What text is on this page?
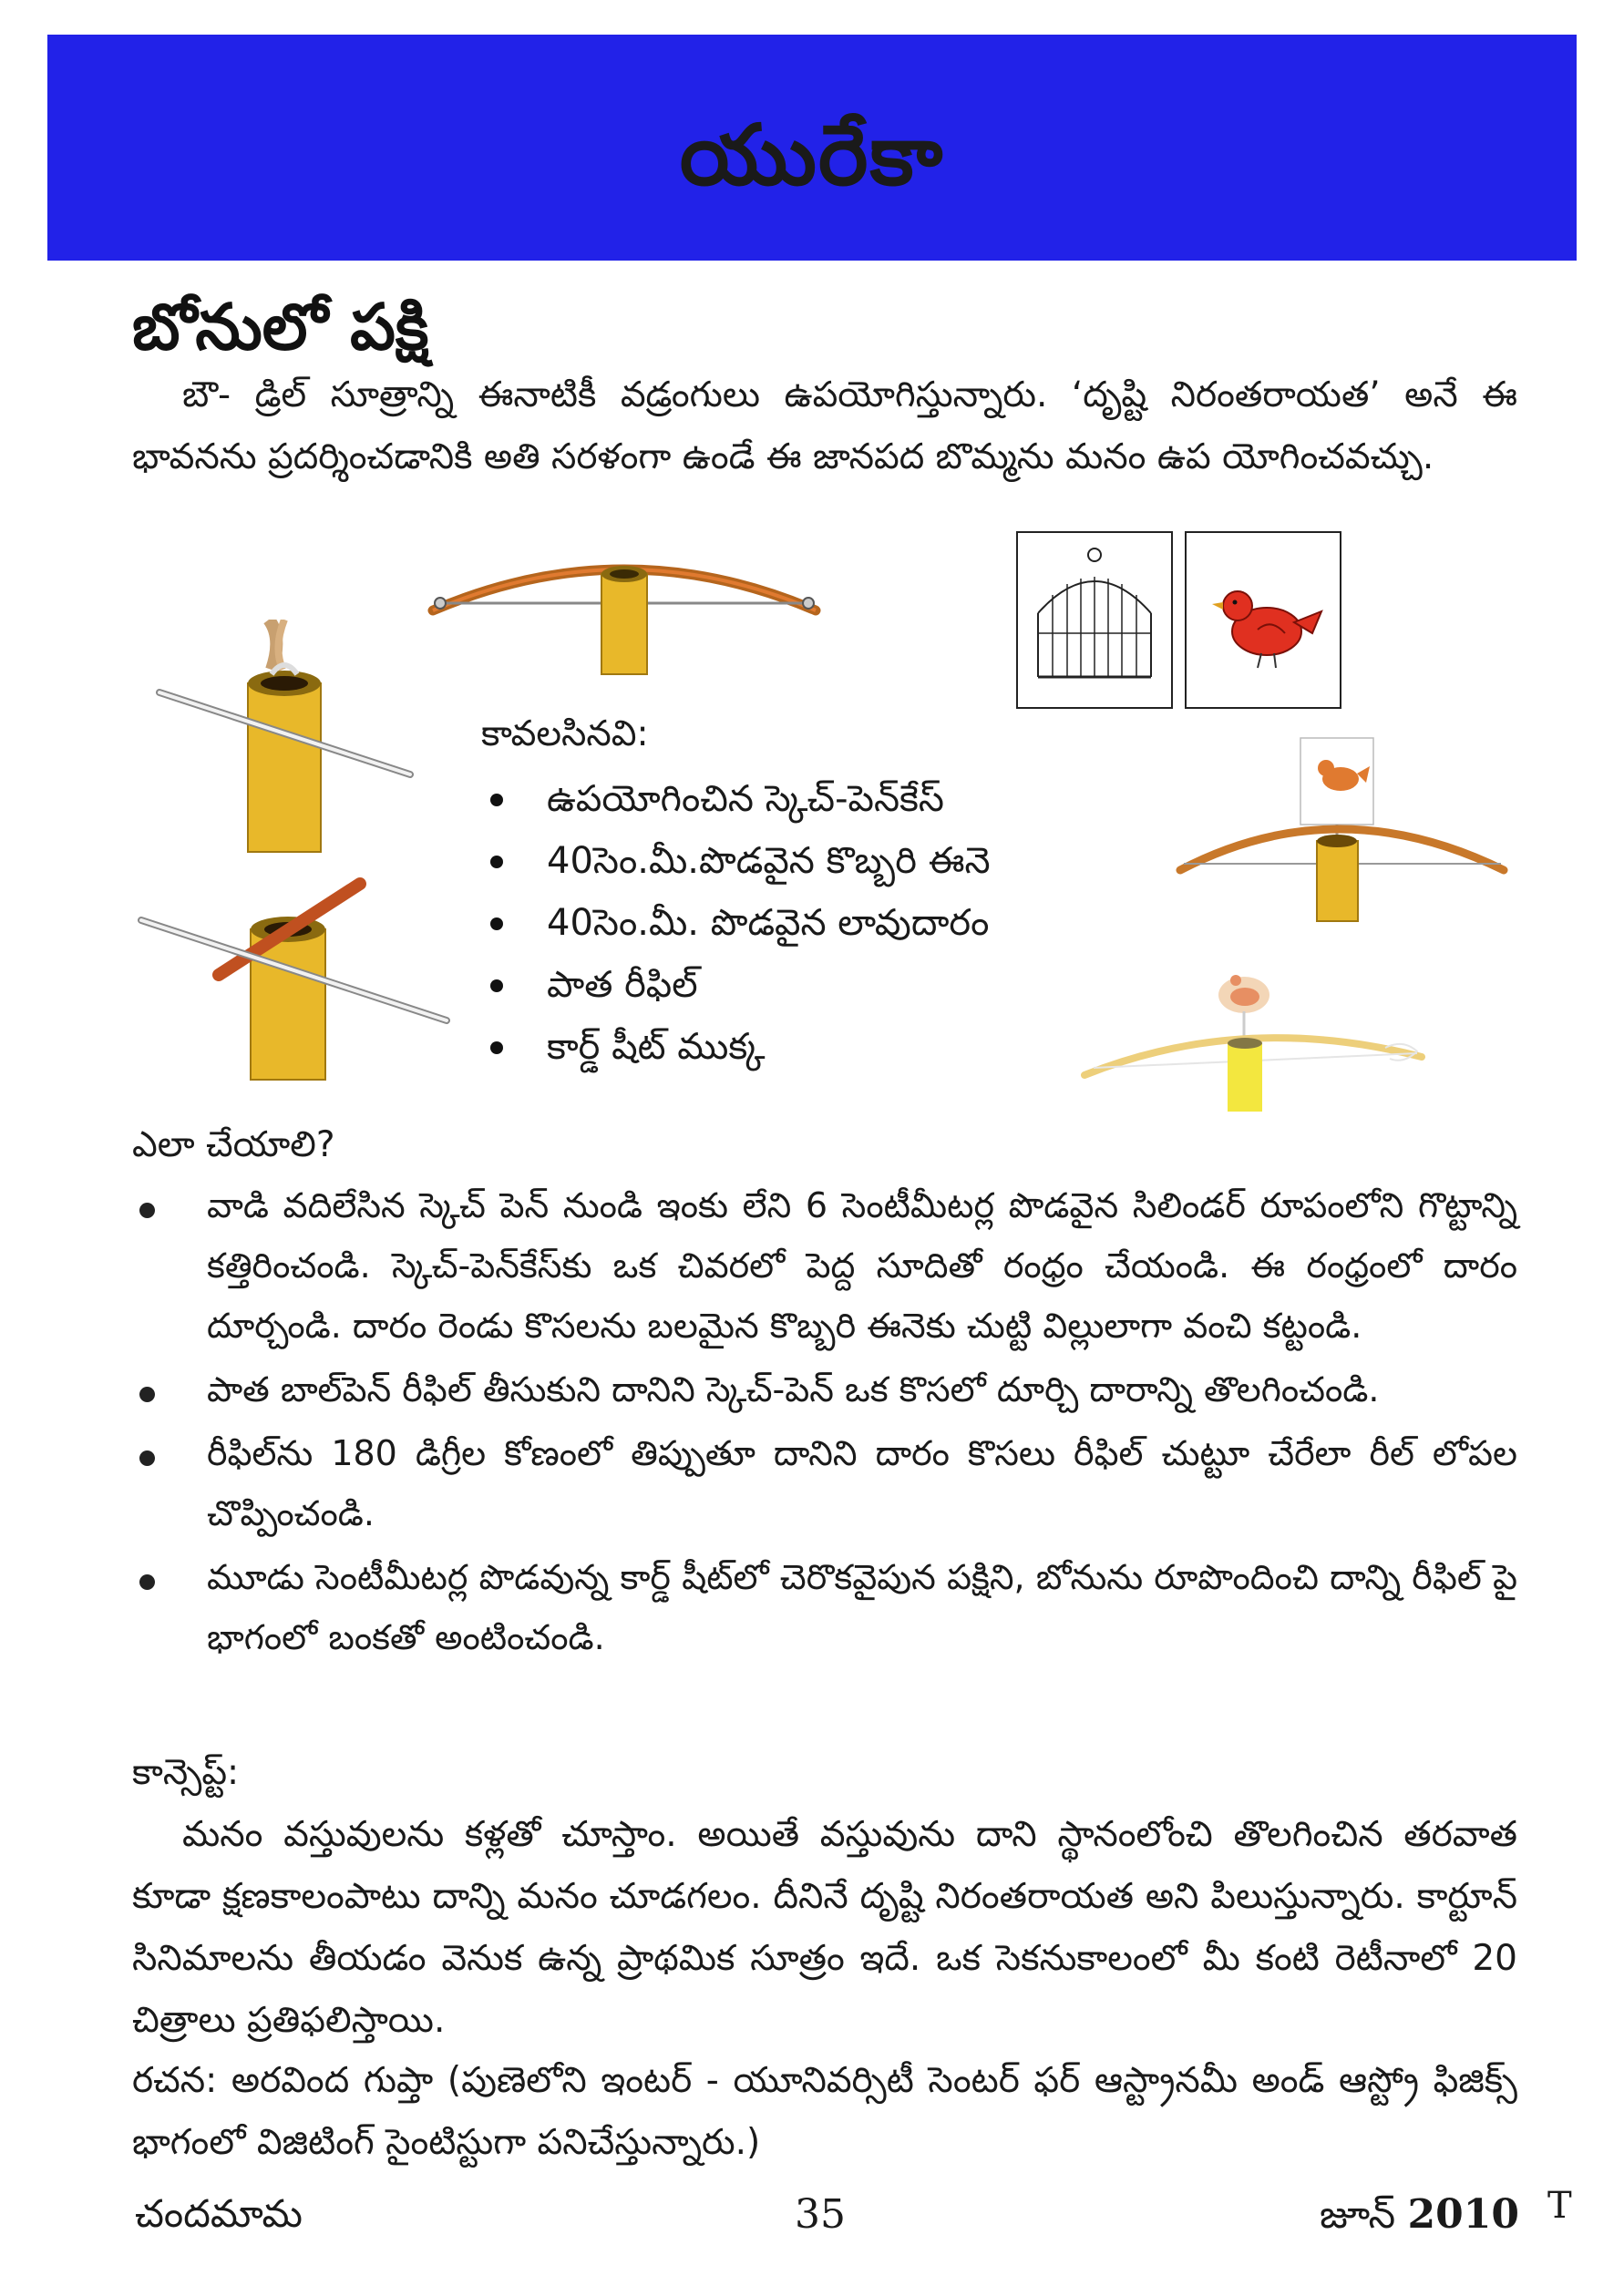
యురేకా
బోనులో పక్షి
బౌ- డ్రిల్ సూత్రాన్ని ఈనాటికీ వడ్రంగులు ఉపయోగిస్తున్నారు. ‘దృష్టి నిరంతరాయత’ అనే ఈ భావనను ప్రదర్శించడానికి అతి సరళంగా ఉండే ఈ జానపద బొమ్మను మనం ఉప యోగించవచ్చు.
కావలసినవి:
ఉపయోగించిన స్కెచ్-పెన్‌కేస్
40సెం.మీ.పొడవైన కొబ్బరి ఈనె
40సెం.మీ. పొడవైన లావుదారం
పాత రీఫిల్
కార్డ్ షీట్ ముక్క
ఎలా చేయాలి?
వాడి వదిలేసిన స్కెచ్ పెన్ నుండి ఇంకు లేని 6 సెంటీమీటర్ల పొడవైన సిలిండర్ రూపంలోని గొట్టాన్ని కత్తిరించండి. స్కెచ్-పెన్‌కేస్‌కు ఒక చివరలో పెద్ద సూదితో రంధ్రం చేయండి. ఈ రంధ్రంలో దారం దూర్చండి. దారం రెండు కొసలను బలమైన కొబ్బరి ఈనెకు చుట్టి విల్లులాగా వంచి కట్టండి.
పాత బాల్‌పెన్ రీఫిల్ తీసుకుని దానిని స్కెచ్-పెన్ ఒక కొసలో దూర్చి దారాన్ని తొలగించండి.
రీఫిల్‌ను 180 డిగ్రీల కోణంలో తిప్పుతూ దానిని దారం కొసలు రీఫిల్ చుట్టూ చేరేలా రీల్ లోపల చొప్పించండి.
మూడు సెంటీమీటర్ల పొడవున్న కార్డ్ షీట్‌లో చెరొకవైపున పక్షిని, బోనును రూపొందించి దాన్ని రీఫిల్ పై భాగంలో బంకతో అంటించండి.
కాన్సెప్ట్:
మనం వస్తువులను కళ్లతో చూస్తాం. అయితే వస్తువును దాని స్థానంలోంచి తొలగించిన తరవాత కూడా క్షణకాలంపాటు దాన్ని మనం చూడగలం. దీనినే దృష్టి నిరంతరాయత అని పిలుస్తున్నారు. కార్టూన్ సినిమాలను తీయడం వెనుక ఉన్న ప్రాథమిక సూత్రం ఇదే. ఒక సెకనుకాలంలో మీ కంటి రెటీనాలో 20 చిత్రాలు ప్రతిఫలిస్తాయి.
రచన: అరవింద గుప్తా (పుణెలోని ఇంటర్ - యూనివర్సిటీ సెంటర్ ఫర్ ఆస్ట్రానమీ అండ్ ఆస్ట్రో ఫిజిక్స్ భాగంలో విజిటింగ్ సైంటిస్టుగా పనిచేస్తున్నారు.)
చందమామ	35	జూన్ 2010 T
